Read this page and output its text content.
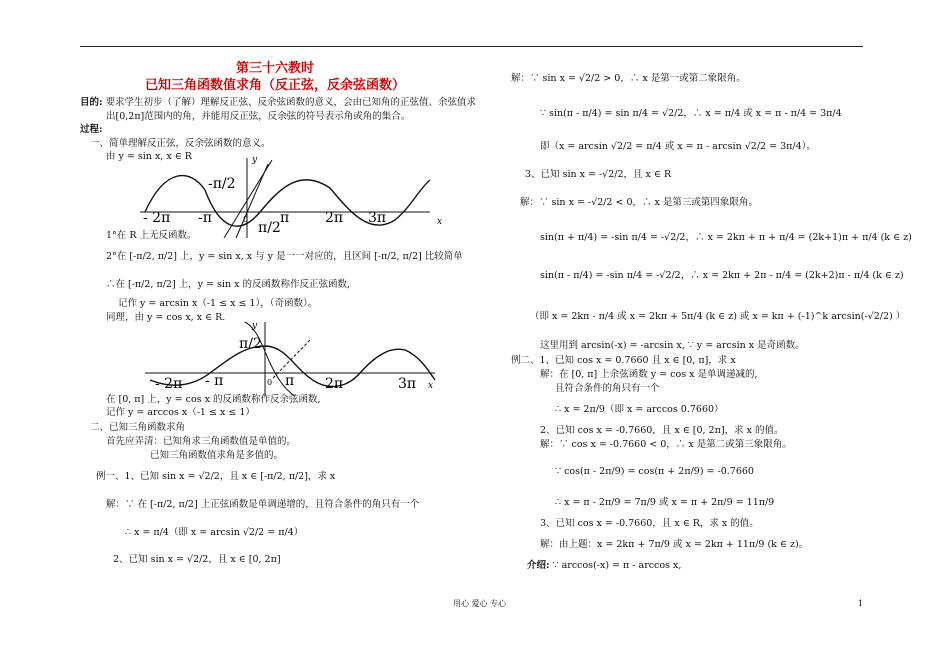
第三十六教时
已知三角函数值求角（反正弦，反余弦函数）
目的: 要求学生初步（了解）理解反正弦、反余弦函数的意义，会由已知角的正弦值、余弦值求
出[0,2π]范围内的角，并能用反正弦，反余弦的符号表示角或角的集合。
过程:
一、简单理解反正弦，反余弦函数的意义。
由 y = sin x, x ∈ R	y
x
0
-π/2
π/2
π
-π
- 2π	2π 3π
1°在 R 上无反函数。
2°在 [-π/2, π/2] 上，y = sin x, x 与 y 是一一对应的，且区间 [-π/2, π/2] 比较简单
∴在 [-π/2, π/2] 上，y = sin x 的反函数称作反正弦函数,
记作 y = arcsin x（-1 ≤ x ≤ 1），（奇函数）。
同理，由 y = cos x, x ∈ R.
y
x
0
π/2
π
- π
- 2π	2π	3π
在 [0, π] 上，y = cos x 的反函数称作反余弦函数,
记作 y = arccos x（-1 ≤ x ≤ 1）
二、已知三角函数求角
首先应弄清：已知角求三角函数值是单值的。
已知三角函数值求角是多值的。
例一、1、已知 sin x = √2/2，且 x ∈ [-π/2, π/2]，求 x
解：∵ 在 [-π/2, π/2] 上正弦函数是单调递增的，且符合条件的角只有一个
∴ x = π/4（即 x = arcsin √2/2 = π/4）
2、已知 sin x = √2/2，且 x ∈ [0, 2π]
解：∵ sin x = √2/2 > 0，∴ x 是第一或第二象限角。
∵ sin(π - π/4) = sin π/4 = √2/2，∴ x = π/4 或 x = π - π/4 = 3π/4
即（x = arcsin √2/2 = π/4 或 x = π - arcsin √2/2 = 3π/4）。
3、已知 sin x = -√2/2，且 x ∈ R
解：∵ sin x = -√2/2 < 0，∴ x 是第三或第四象限角。
sin(π + π/4) = -sin π/4 = -√2/2，∴ x = 2kπ + π + π/4 = (2k+1)π + π/4 (k ∈ z)
sin(π - π/4) = -sin π/4 = -√2/2，∴ x = 2kπ + 2π - π/4 = (2k+2)π - π/4 (k ∈ z)
（即 x = 2kπ - π/4 或 x = 2kπ + 5π/4 (k ∈ z) 或 x = kπ + (-1)^k arcsin(-√2/2) ）
这里用到 arcsin(-x) = -arcsin x, ∵ y = arcsin x 是奇函数。
例二、1、已知 cos x = 0.7660 且 x ∈ [0, π]，求 x
解：在 [0, π] 上余弦函数 y = cos x 是单调递减的,
且符合条件的角只有一个
∴ x = 2π/9（即 x = arccos 0.7660）
2、已知 cos x = -0.7660，且 x ∈ [0, 2π]，求 x 的值。
解：∵ cos x = -0.7660 < 0，∴ x 是第二或第三象限角。
∵ cos(π - 2π/9) = cos(π + 2π/9) = -0.7660
∴ x = π - 2π/9 = 7π/9 或 x = π + 2π/9 = 11π/9
3、已知 cos x = -0.7660，且 x ∈ R，求 x 的值。
解：由上题：x = 2kπ + 7π/9 或 x = 2kπ + 11π/9 (k ∈ z)。
介绍: ∵ arccos(-x) = π - arccos x,
用心 爱心 专心	1
